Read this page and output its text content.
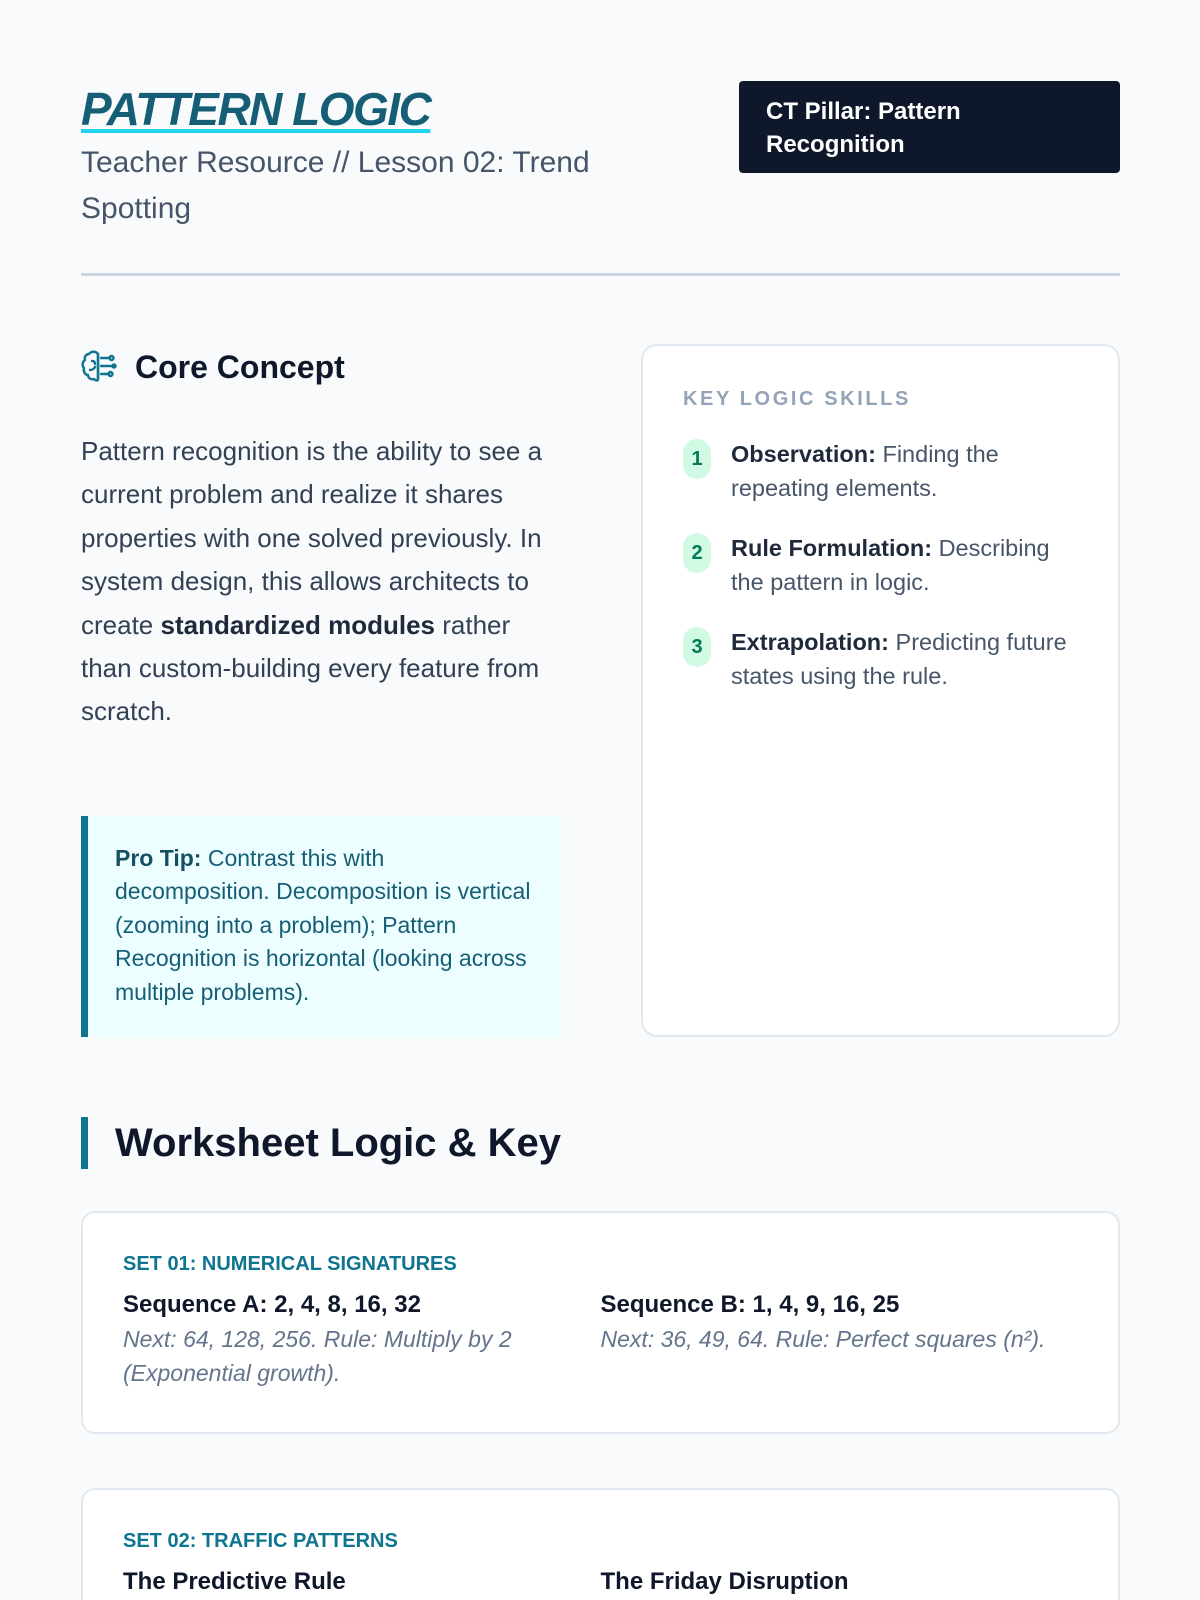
PATTERN LOGIC
Teacher Resource // Lesson 02: Trend Spotting
CT Pillar: Pattern Recognition
Core Concept

Pattern recognition is the ability to see a current problem and realize it shares properties with one solved previously. In system design, this allows architects to create standardized modules rather than custom-building every feature from scratch.

Pro Tip: Contrast this with decomposition. Decomposition is vertical (zooming into a problem); Pattern Recognition is horizontal (looking across multiple problems).
KEY LOGIC SKILLS
1	Observation: Finding the repeating elements.
2	Rule Formulation: Describing the pattern in logic.
3	Extrapolation: Predicting future states using the rule.
Worksheet Logic & Key
SET 01: NUMERICAL SIGNATURES
Sequence A: 2, 4, 8, 16, 32

Next: 64, 128, 256. Rule: Multiply by 2 (Exponential growth).

Sequence B: 1, 4, 9, 16, 25

Next: 36, 49, 64. Rule: Perfect squares (n²).

SET 02: TRAFFIC PATTERNS
The Predictive Rule	The Friday Disruption
